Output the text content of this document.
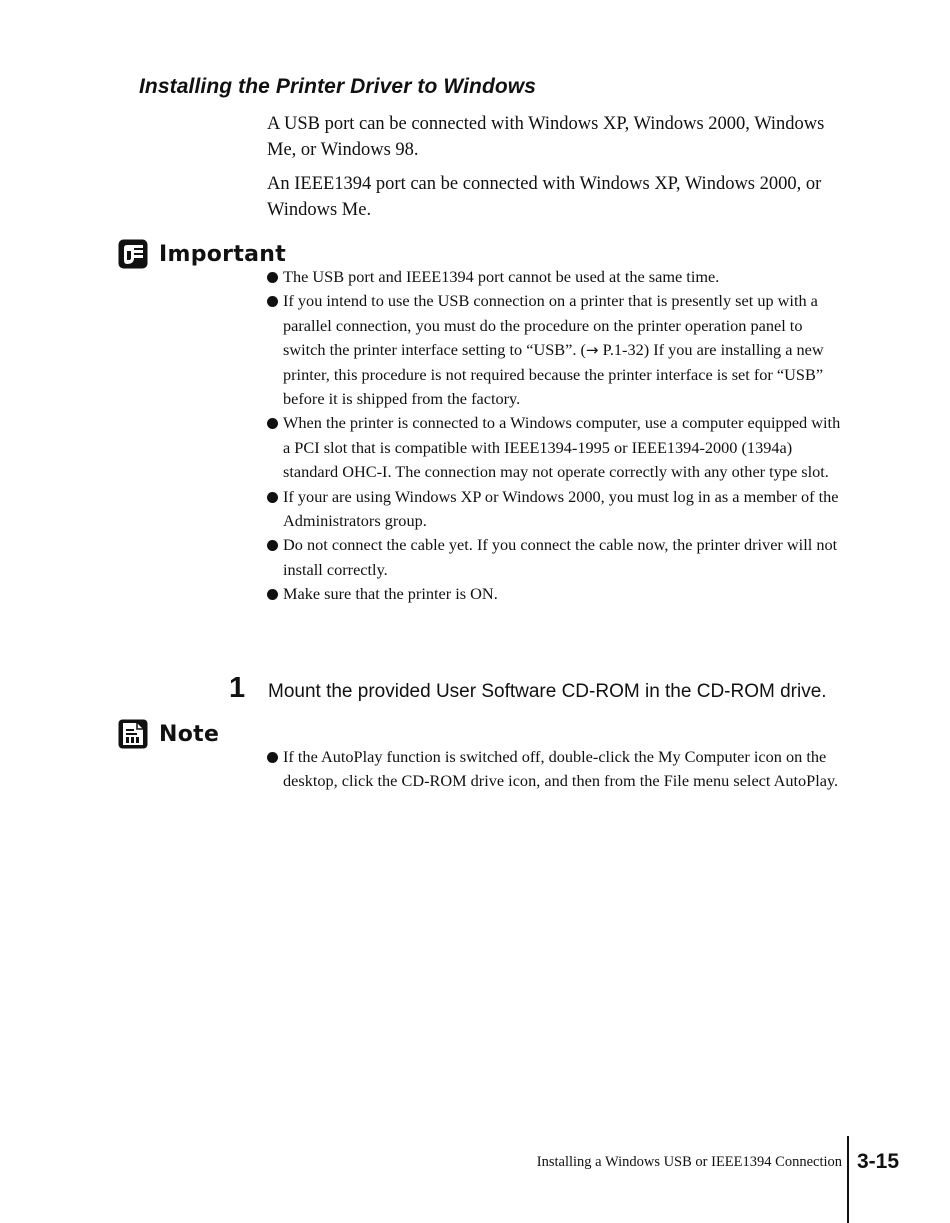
Installing the Printer Driver to Windows

A USB port can be connected with Windows XP, Windows 2000, Windows Me, or Windows 98.

An IEEE1394 port can be connected with Windows XP, Windows 2000, or Windows Me.

Important
The USB port and IEEE1394 port cannot be used at the same time.
If you intend to use the USB connection on a printer that is presently set up with a parallel connection, you must do the procedure on the printer operation panel to switch the printer interface setting to “USB”. (→ P.1-32) If you are installing a new printer, this procedure is not required because the printer interface is set for “USB” before it is shipped from the factory.
When the printer is connected to a Windows computer, use a computer equipped with a PCI slot that is compatible with IEEE1394-1995 or IEEE1394-2000 (1394a) standard OHC-I. The connection may not operate correctly with any other type slot.
If your are using Windows XP or Windows 2000, you must log in as a member of the Administrators group.
Do not connect the cable yet. If you connect the cable now, the printer driver will not install correctly.
Make sure that the printer is ON.
1 Mount the provided User Software CD-ROM in the CD-ROM drive.
Note
If the AutoPlay function is switched off, double-click the My Computer icon on the desktop, click the CD-ROM drive icon, and then from the File menu select AutoPlay.
Installing a Windows USB or IEEE1394 Connection 3-15
